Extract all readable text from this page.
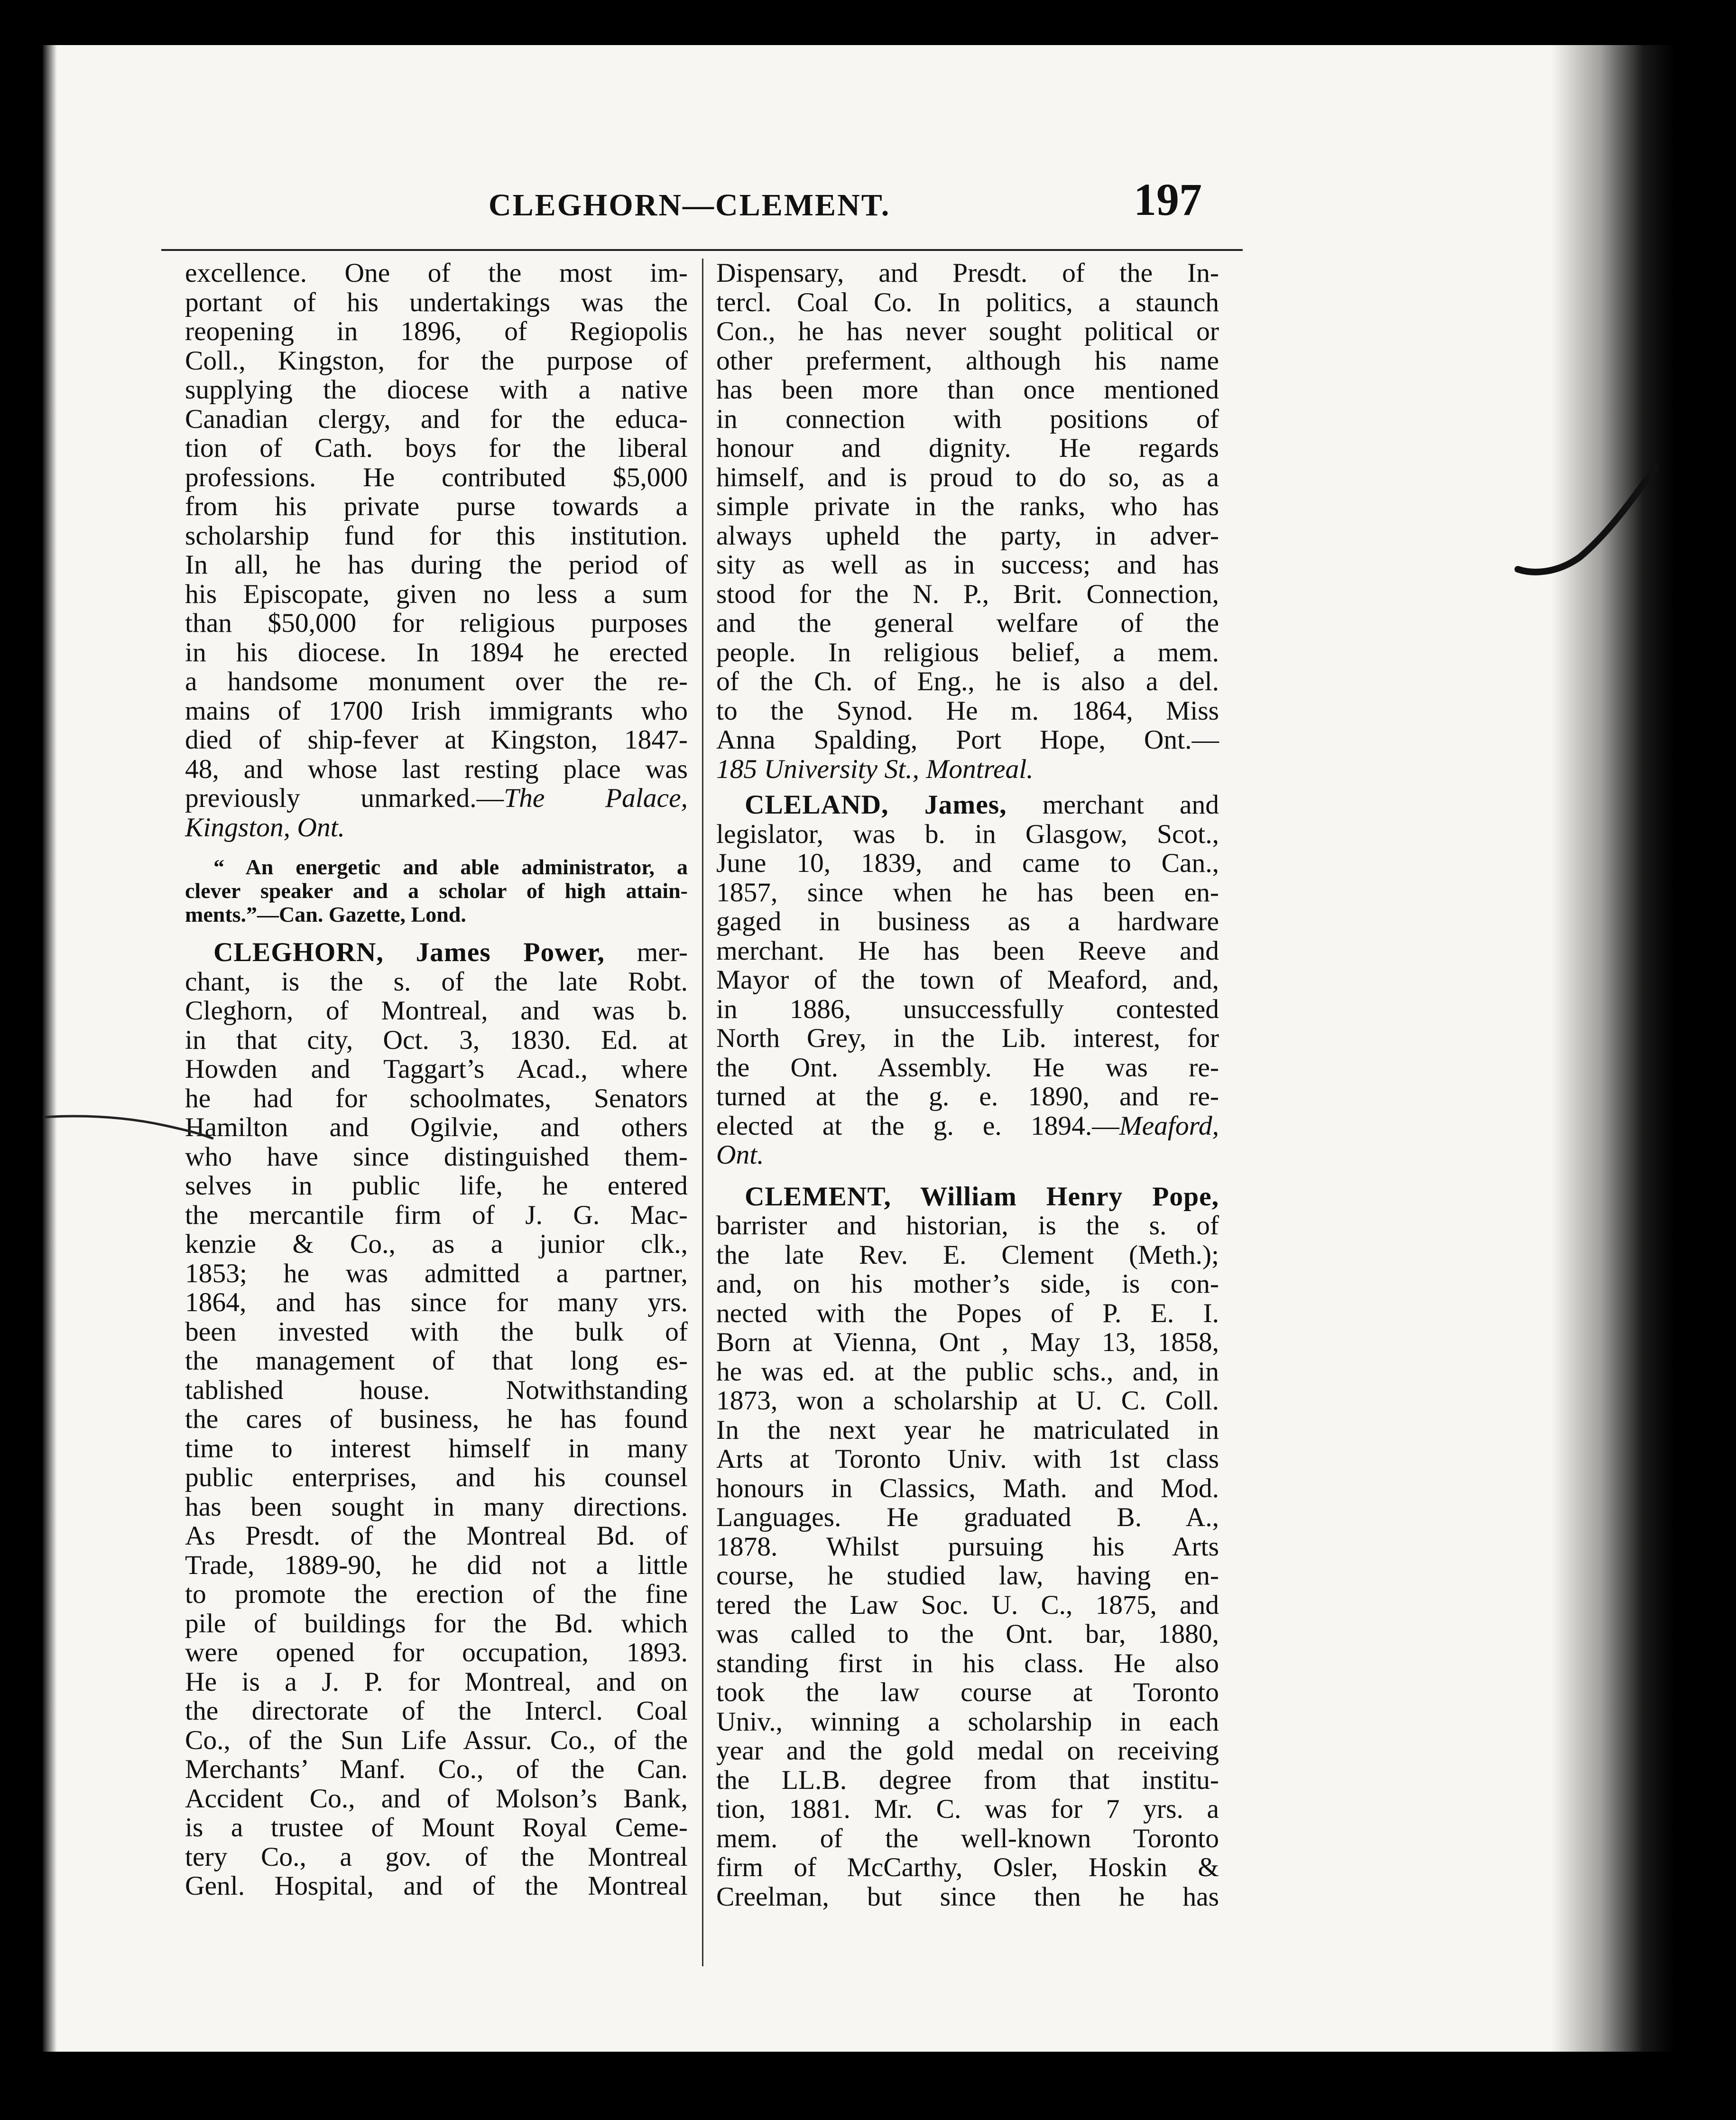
CLEGHORN—CLEMENT.	197

excellence. One of the most im-
portant of his undertakings was the
reopening in 1896, of Regiopolis
Coll., Kingston, for the purpose of
supplying the diocese with a native
Canadian clergy, and for the educa-
tion of Cath. boys for the liberal
professions. He contributed $5,000
from his private purse towards a
scholarship fund for this institution.
In all, he has during the period of
his Episcopate, given no less a sum
than $50,000 for religious purposes
in his diocese. In 1894 he erected
a handsome monument over the re-
mains of 1700 Irish immigrants who
died of ship-fever at Kingston, 1847-
48, and whose last resting place was
previously unmarked.—The Palace,
Kingston, Ont.

“ An energetic and able administrator, a
clever speaker and a scholar of high attain-
ments.”—Can. Gazette, Lond.

CLEGHORN, James Power, mer-
chant, is the s. of the late Robt.
Cleghorn, of Montreal, and was b.
in that city, Oct. 3, 1830. Ed. at
Howden and Taggart’s Acad., where
he had for schoolmates, Senators
Hamilton and Ogilvie, and others
who have since distinguished them-
selves in public life, he entered
the mercantile firm of J. G. Mac-
kenzie & Co., as a junior clk.,
1853; he was admitted a partner,
1864, and has since for many yrs.
been invested with the bulk of
the management of that long es-
tablished house. Notwithstanding
the cares of business, he has found
time to interest himself in many
public enterprises, and his counsel
has been sought in many directions.
As Presdt. of the Montreal Bd. of
Trade, 1889-90, he did not a little
to promote the erection of the fine
pile of buildings for the Bd. which
were opened for occupation, 1893.
He is a J. P. for Montreal, and on
the directorate of the Intercl. Coal
Co., of the Sun Life Assur. Co., of the
Merchants’ Manf. Co., of the Can.
Accident Co., and of Molson’s Bank,
is a trustee of Mount Royal Ceme-
tery Co., a gov. of the Montreal
Genl. Hospital, and of the Montreal

Dispensary, and Presdt. of the In-
tercl. Coal Co. In politics, a staunch
Con., he has never sought political or
other preferment, although his name
has been more than once mentioned
in connection with positions of
honour and dignity. He regards
himself, and is proud to do so, as a
simple private in the ranks, who has
always upheld the party, in adver-
sity as well as in success; and has
stood for the N. P., Brit. Connection,
and the general welfare of the
people. In religious belief, a mem.
of the Ch. of Eng., he is also a del.
to the Synod. He m. 1864, Miss
Anna Spalding, Port Hope, Ont.—
185 University St., Montreal.

CLELAND, James, merchant and
legislator, was b. in Glasgow, Scot.,
June 10, 1839, and came to Can.,
1857, since when he has been en-
gaged in business as a hardware
merchant. He has been Reeve and
Mayor of the town of Meaford, and,
in 1886, unsuccessfully contested
North Grey, in the Lib. interest, for
the Ont. Assembly. He was re-
turned at the g. e. 1890, and re-
elected at the g. e. 1894.—Meaford,
Ont.

CLEMENT, William Henry Pope,
barrister and historian, is the s. of
the late Rev. E. Clement (Meth.);
and, on his mother’s side, is con-
nected with the Popes of P. E. I.
Born at Vienna, Ont , May 13, 1858,
he was ed. at the public schs., and, in
1873, won a scholarship at U. C. Coll.
In the next year he matriculated in
Arts at Toronto Univ. with 1st class
honours in Classics, Math. and Mod.
Languages. He graduated B. A.,
1878. Whilst pursuing his Arts
course, he studied law, having en-
tered the Law Soc. U. C., 1875, and
was called to the Ont. bar, 1880,
standing first in his class. He also
took the law course at Toronto
Univ., winning a scholarship in each
year and the gold medal on receiving
the LL.B. degree from that institu-
tion, 1881. Mr. C. was for 7 yrs. a
mem. of the well-known Toronto
firm of McCarthy, Osler, Hoskin &
Creelman, but since then he has
